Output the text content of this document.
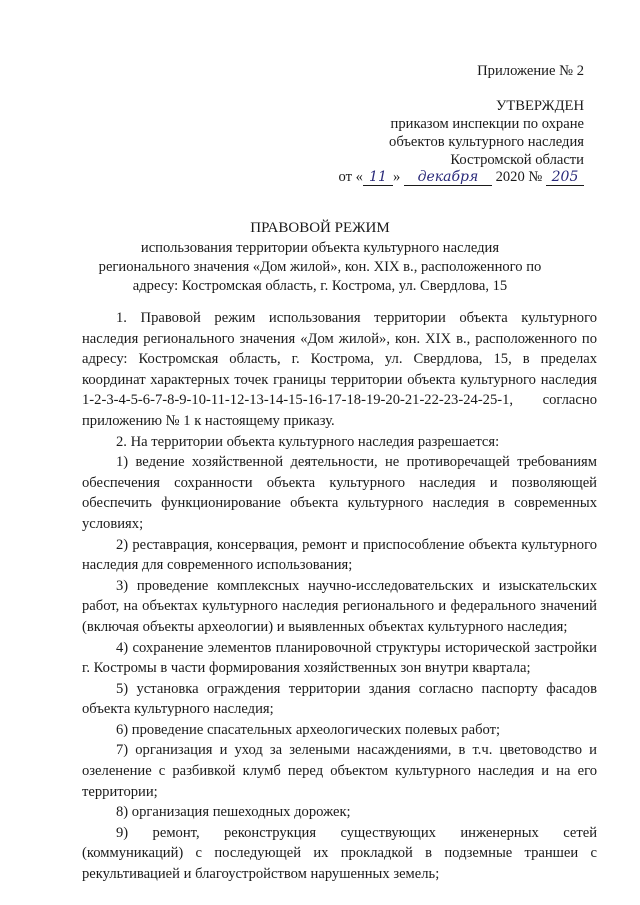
Приложение № 2
УТВЕРЖДЕН
приказом инспекции по охране
объектов культурного наследия
Костромской области
от « 11 » декабря 2020 № 205
ПРАВОВОЙ РЕЖИМ
использования территории объекта культурного наследия
регионального значения «Дом жилой», кон. XIX в., расположенного по
адресу: Костромская область, г. Кострома, ул. Свердлова, 15

1. Правовой режим использования территории объекта культурного наследия регионального значения «Дом жилой», кон. XIX в., расположенного по адресу: Костромская область, г. Кострома, ул. Свердлова, 15, в пределах координат характерных точек границы территории объекта культурного наследия 1-2-3-4-5-6-7-8-9-10-11-12-13-14-15-16-17-18-19-20-21-22-23-24-25-1, согласно приложению № 1 к настоящему приказу.

2. На территории объекта культурного наследия разрешается:

1) ведение хозяйственной деятельности, не противоречащей требованиям обеспечения сохранности объекта культурного наследия и позволяющей обеспечить функционирование объекта культурного наследия в современных условиях;

2) реставрация, консервация, ремонт и приспособление объекта культурного наследия для современного использования;

3) проведение комплексных научно-исследовательских и изыскательских работ, на объектах культурного наследия регионального и федерального значений (включая объекты археологии) и выявленных объектах культурного наследия;

4) сохранение элементов планировочной структуры исторической застройки г. Костромы в части формирования хозяйственных зон внутри квартала;

5) установка ограждения территории здания согласно паспорту фасадов объекта культурного наследия;

6) проведение спасательных археологических полевых работ;

7) организация и уход за зелеными насаждениями, в т.ч. цветоводство и озеленение с разбивкой клумб перед объектом культурного наследия и на его территории;

8) организация пешеходных дорожек;

9) ремонт, реконструкция существующих инженерных сетей (коммуникаций) с последующей их прокладкой в подземные траншеи с рекультивацией и благоустройством нарушенных земель;
